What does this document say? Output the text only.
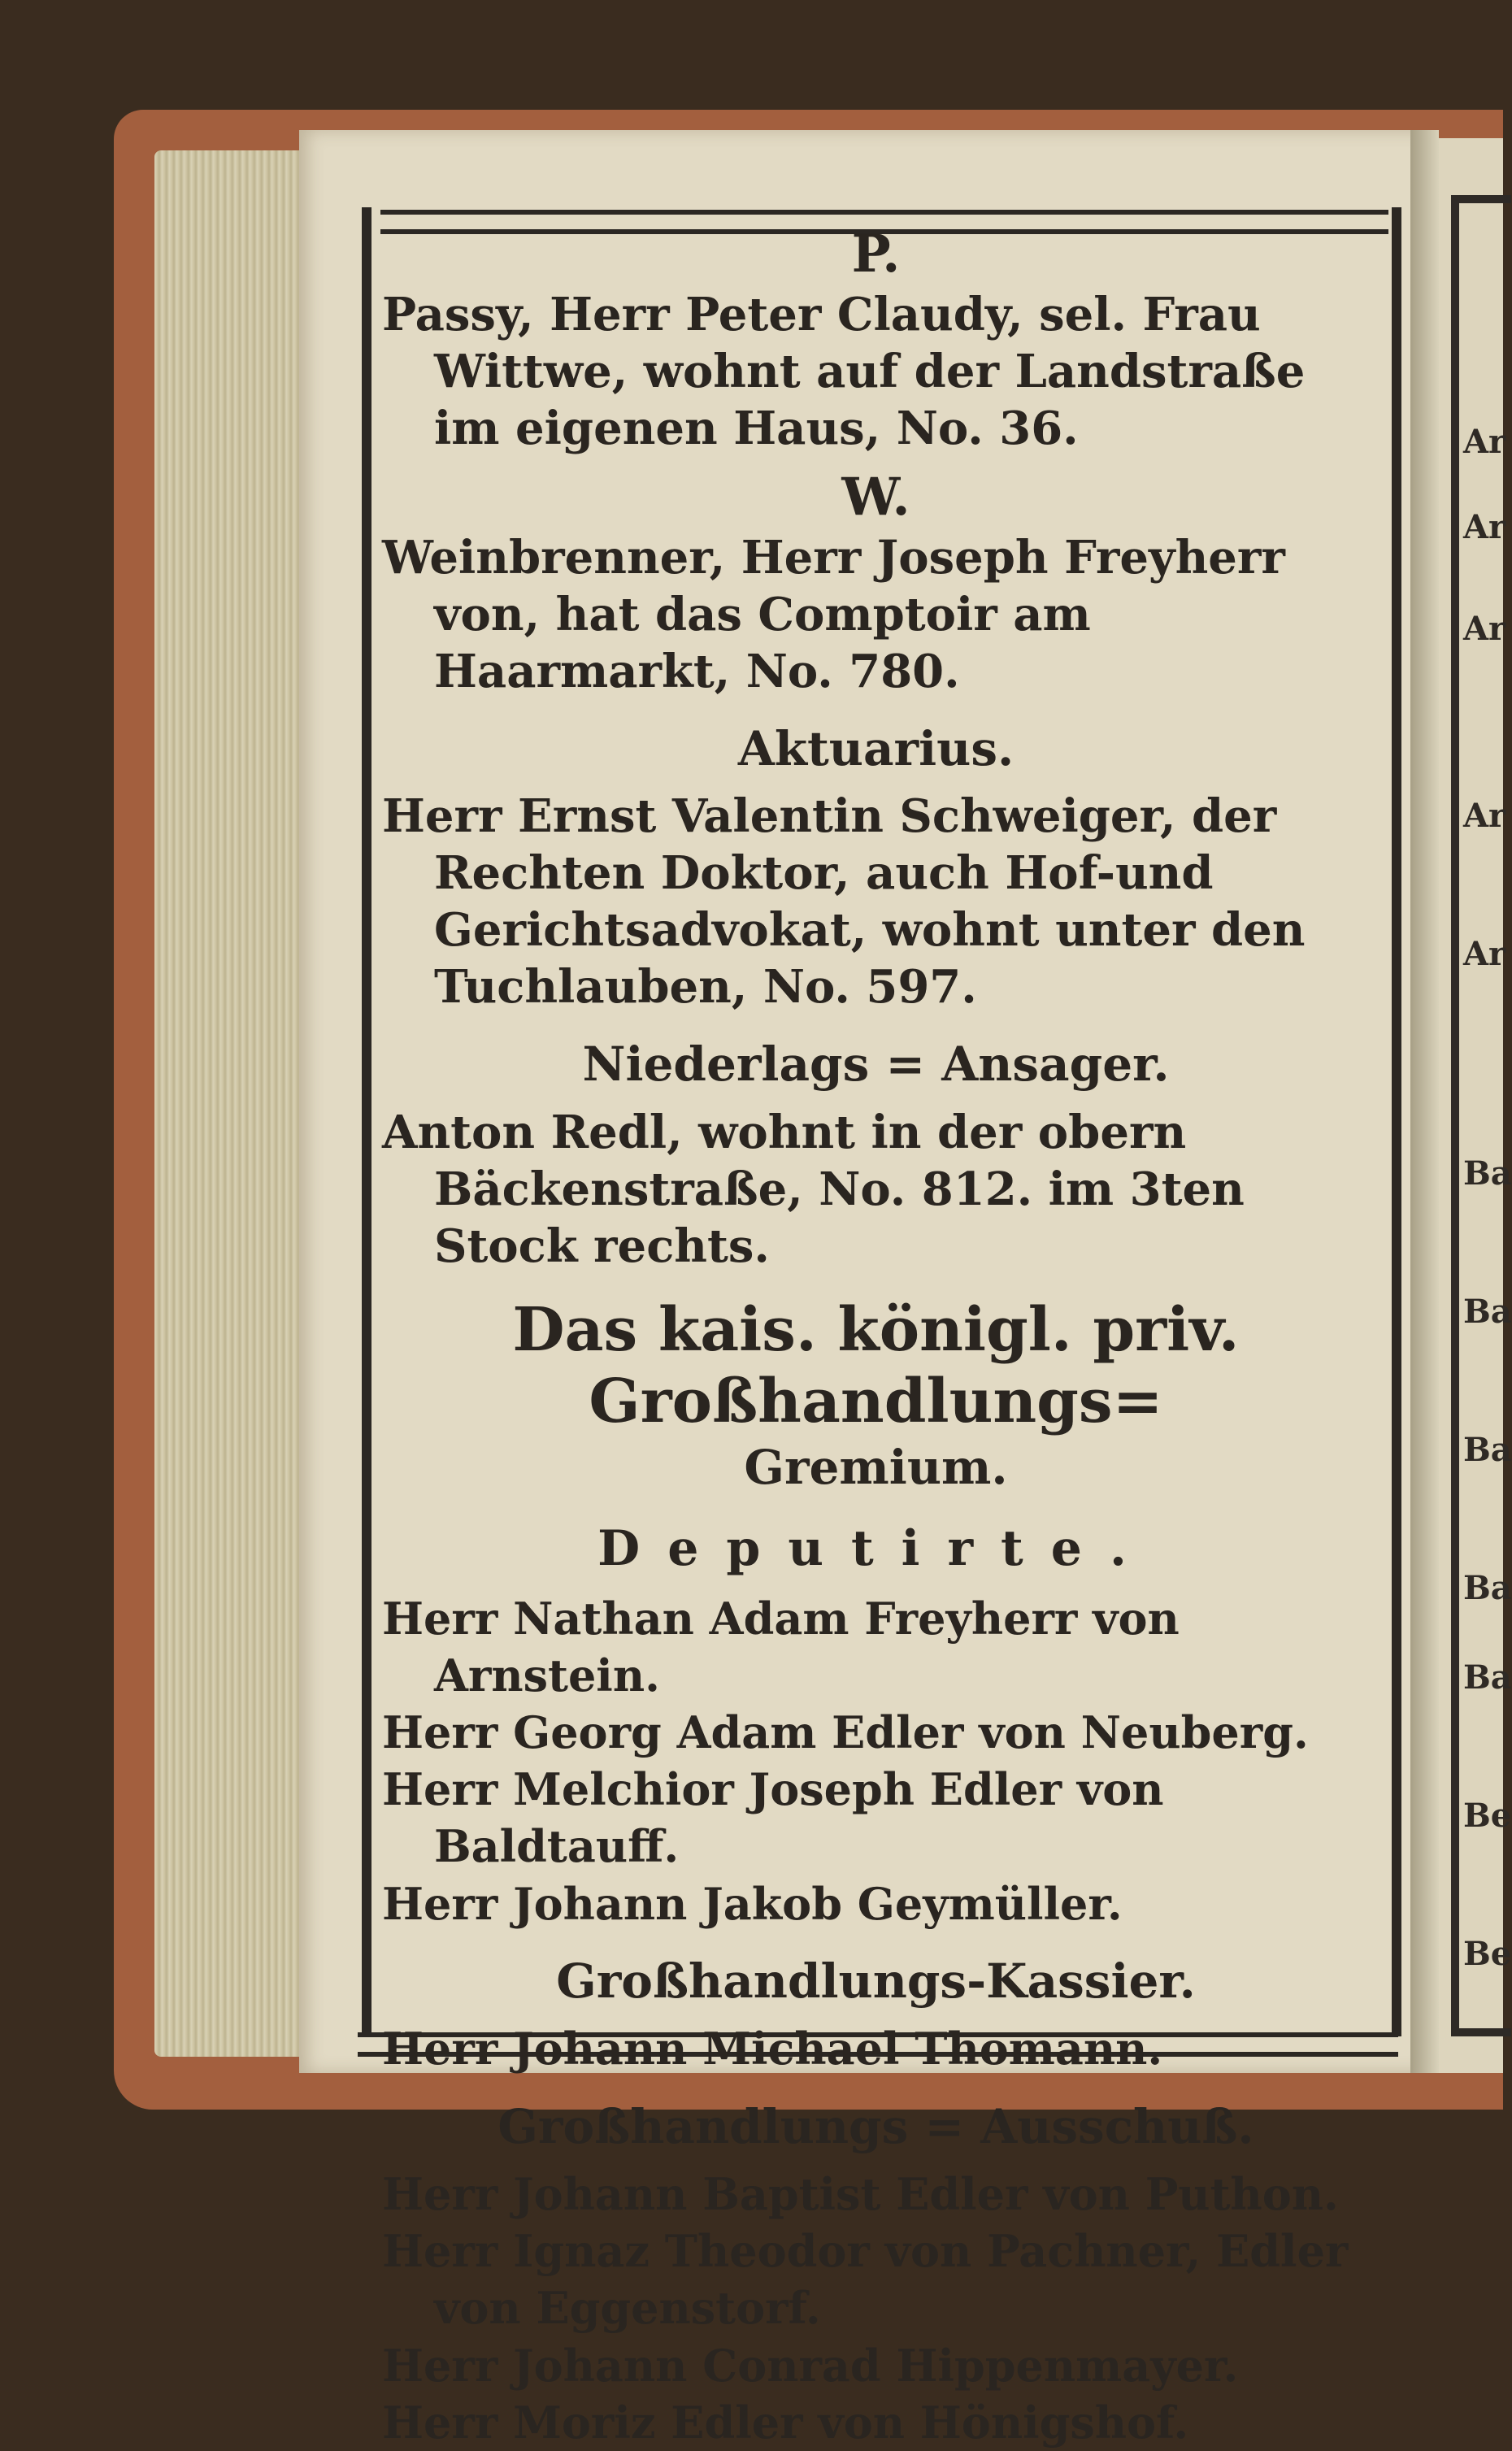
Ar
Ar
Ar
Ar
Ar
Ba
Ba
Ba
Ba
Ba
Be
Be
P.
Passy, Herr Peter Claudy, sel. Frau Wittwe, wohnt auf der Landstraße im eigenen Haus, No. 36.
W.
Weinbrenner, Herr Joseph Freyherr von, hat das Comptoir am Haarmarkt, No. 780.
Aktuarius.
Herr Ernst Valentin Schweiger, der Rechten Doktor, auch Hof-und Gerichtsadvokat, wohnt unter den Tuchlauben, No. 597.
Niederlags = Ansager.
Anton Redl, wohnt in der obern Bäckenstraße, No. 812. im 3ten Stock rechts.
Das kais. königl. priv. Großhandlungs=
Gremium.
Deputirte.
Herr Nathan Adam Freyherr von Arnstein.
Herr Georg Adam Edler von Neuberg.
Herr Melchior Joseph Edler von Baldtauff.
Herr Johann Jakob Geymüller.
Großhandlungs-Kassier.
Herr Johann Michael Thomann.
Großhandlungs = Ausschuß.
Herr Johann Baptist Edler von Puthon.
Herr Ignaz Theodor von Pachner, Edler von Eggenstorf.
Herr Johann Conrad Hippenmayer.
Herr Moriz Edler von Hönigshof.
